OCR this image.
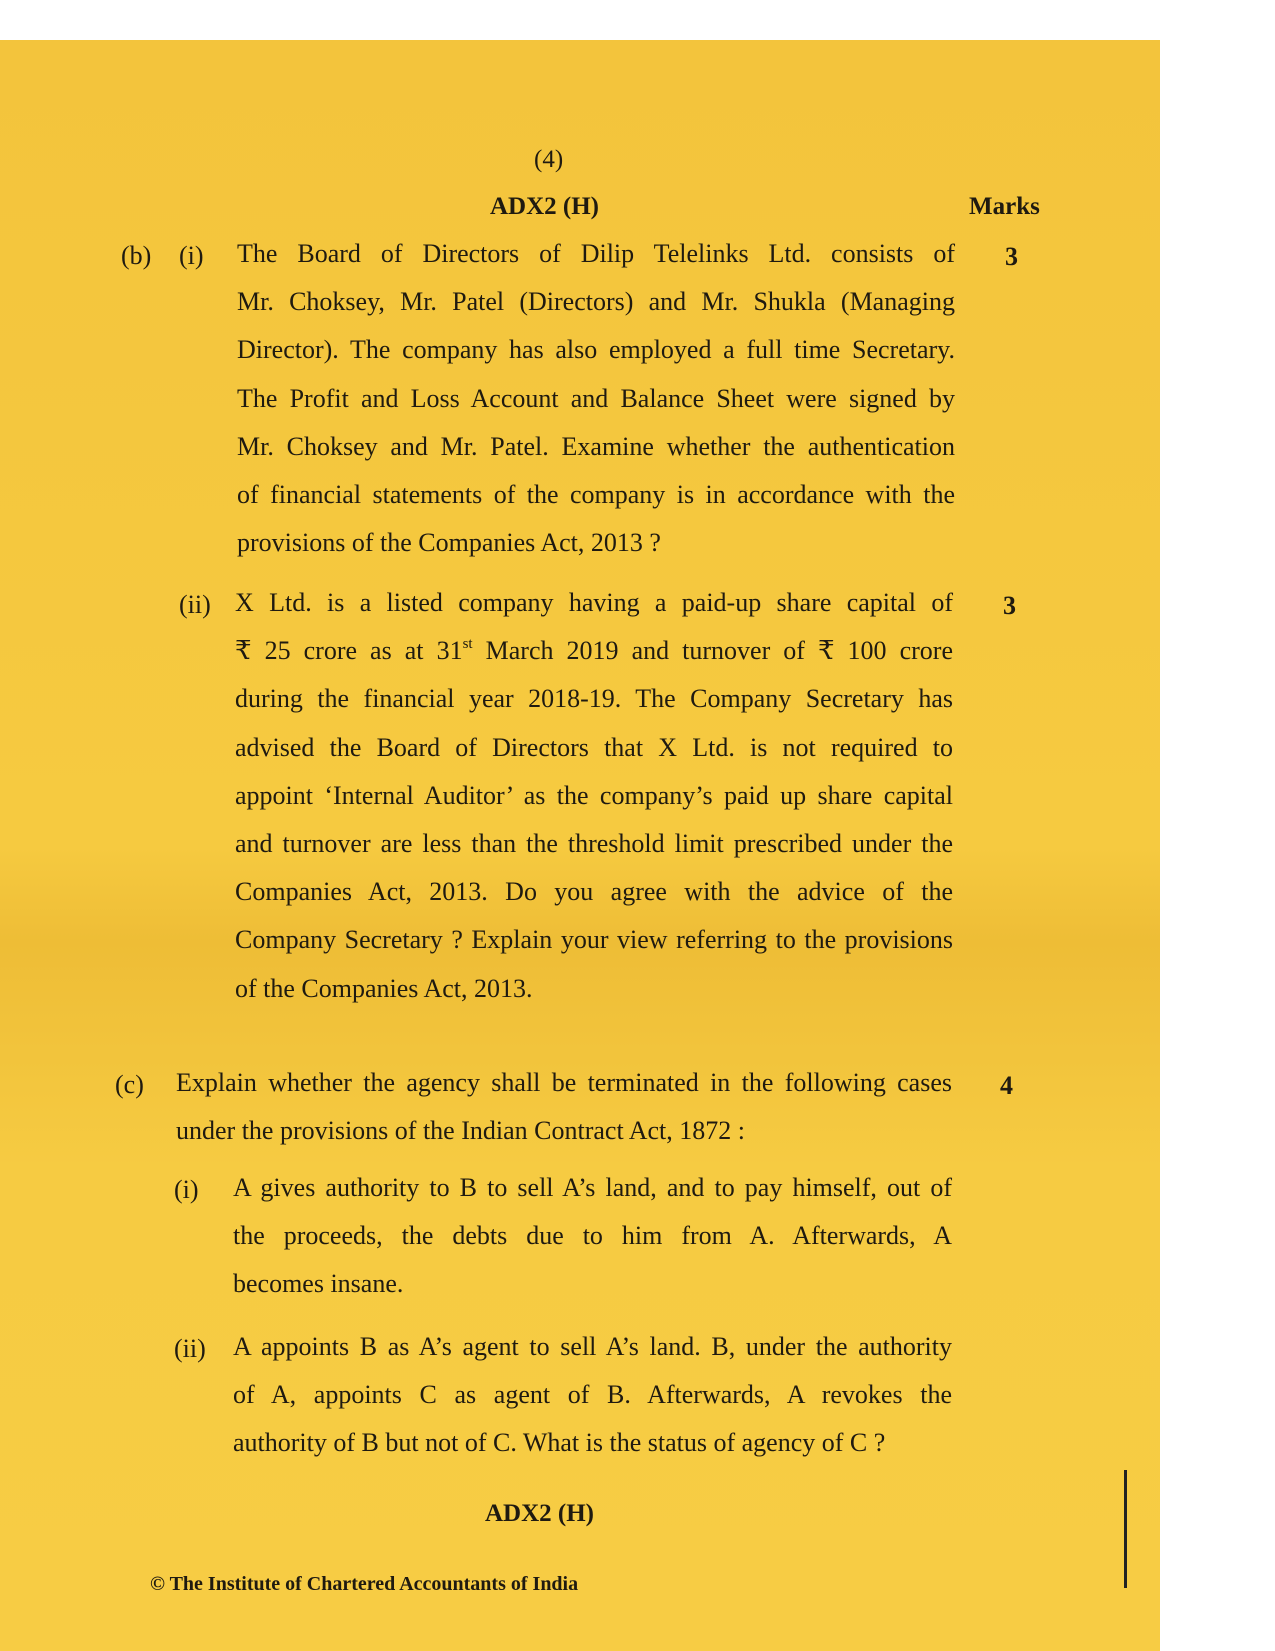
(4)
ADX2 (H)	Marks
(b) (i)	3
The Board of Directors of Dilip Telelinks Ltd. consists of
Mr. Choksey, Mr. Patel (Directors) and Mr. Shukla (Managing
Director). The company has also employed a full time Secretary.
The Profit and Loss Account and Balance Sheet were signed by
Mr. Choksey and Mr. Patel. Examine whether the authentication
of financial statements of the company is in accordance with the
provisions of the Companies Act, 2013 ?
(ii)	3
X Ltd. is a listed company having a paid-up share capital of
₹ 25 crore as at 31st March 2019 and turnover of ₹ 100 crore
during the financial year 2018-19. The Company Secretary has
advised the Board of Directors that X Ltd. is not required to
appoint ‘Internal Auditor’ as the company’s paid up share capital
and turnover are less than the threshold limit prescribed under the
Companies Act, 2013. Do you agree with the advice of the
Company Secretary ? Explain your view referring to the provisions
of the Companies Act, 2013.
(c)	4
Explain whether the agency shall be terminated in the following cases
under the provisions of the Indian Contract Act, 1872 :
(i) A gives authority to B to sell A’s land, and to pay himself, out of
the proceeds, the debts due to him from A. Afterwards, A
becomes insane.
(ii) A appoints B as A’s agent to sell A’s land. B, under the authority
of A, appoints C as agent of B. Afterwards, A revokes the
authority of B but not of C. What is the status of agency of C ?
ADX2 (H)
© The Institute of Chartered Accountants of India
